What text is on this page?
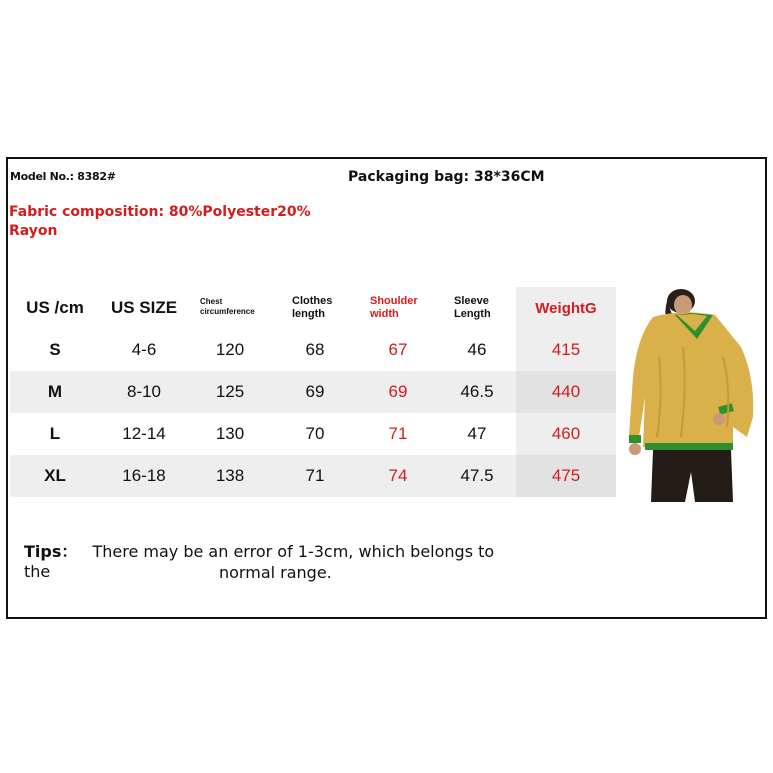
Model No.: 8382#	Packaging bag: 38*36CM
Fabric composition: 80%Polyester20% Rayon
US /cm	US SIZE	Chest circumference	Clothes length	Shoulder width	Sleeve Length	WeightG
S	4-6	120	68	67	46	415
M	8-10	125	69	69	46.5	440
L	12-14	130	70	71	47	460
XL	16-18	138	71	74	47.5	475
Tips： There may be an error of 1-3cm, which belongs to the	normal range.
